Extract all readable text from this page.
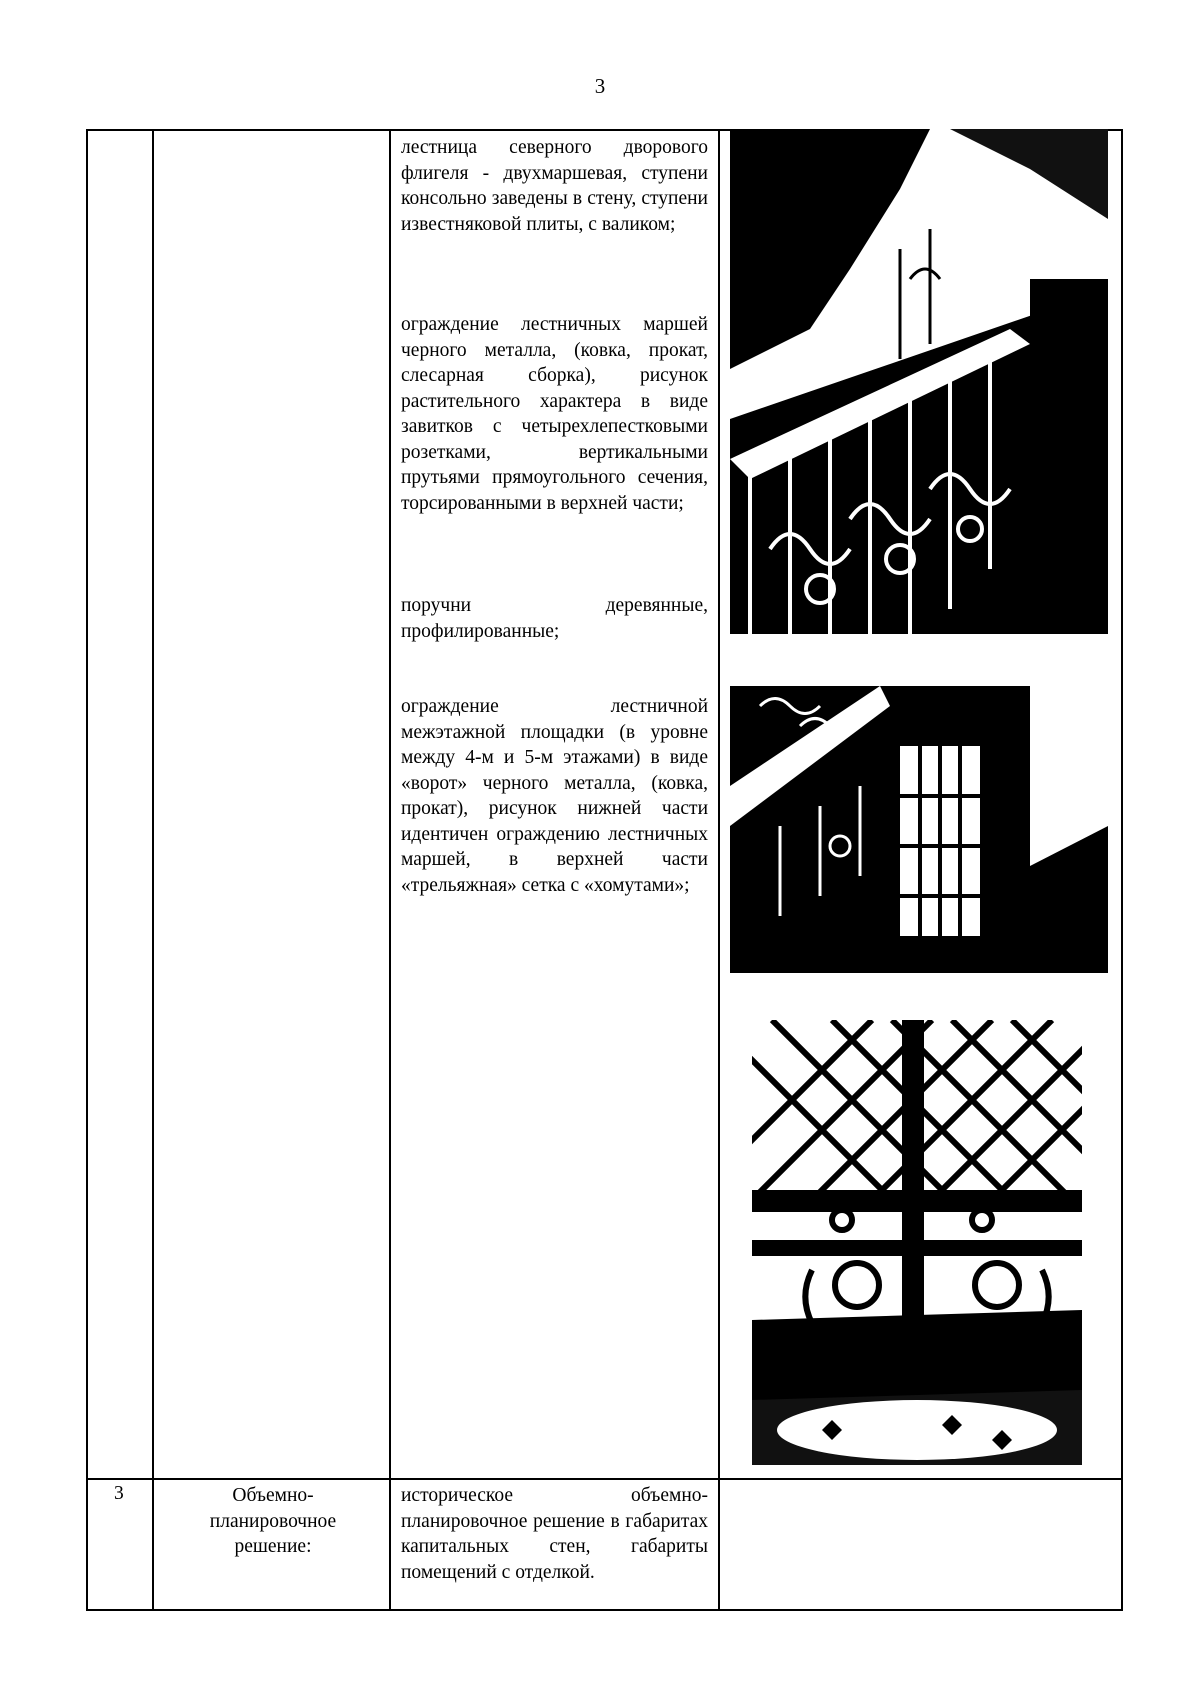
3

лестница северного дворового флигеля - двухмаршевая, ступени консольно заведены в стену, ступени известняковой плиты, с валиком;

ограждение лестничных маршей черного металла, (ковка, прокат, слесарная сборка), рисунок растительного характера в виде завитков с четырехлепестковыми розетками, вертикальными прутьями прямоугольного сечения, торсированными в верхней части;

поручни деревянные, профилированные;

ограждение лестничной межэтажной площадки (в уровне между 4-м и 5-м этажами) в виде «ворот» черного металла, (ковка, прокат), рисунок нижней части идентичен ограждению лестничных маршей, в верхней части «трельяжная» сетка с «хомутами»;

3	Объемно-планировочное решение:

историческое объемно-планировочное решение в габаритах капитальных стен, габариты помещений с отделкой.
